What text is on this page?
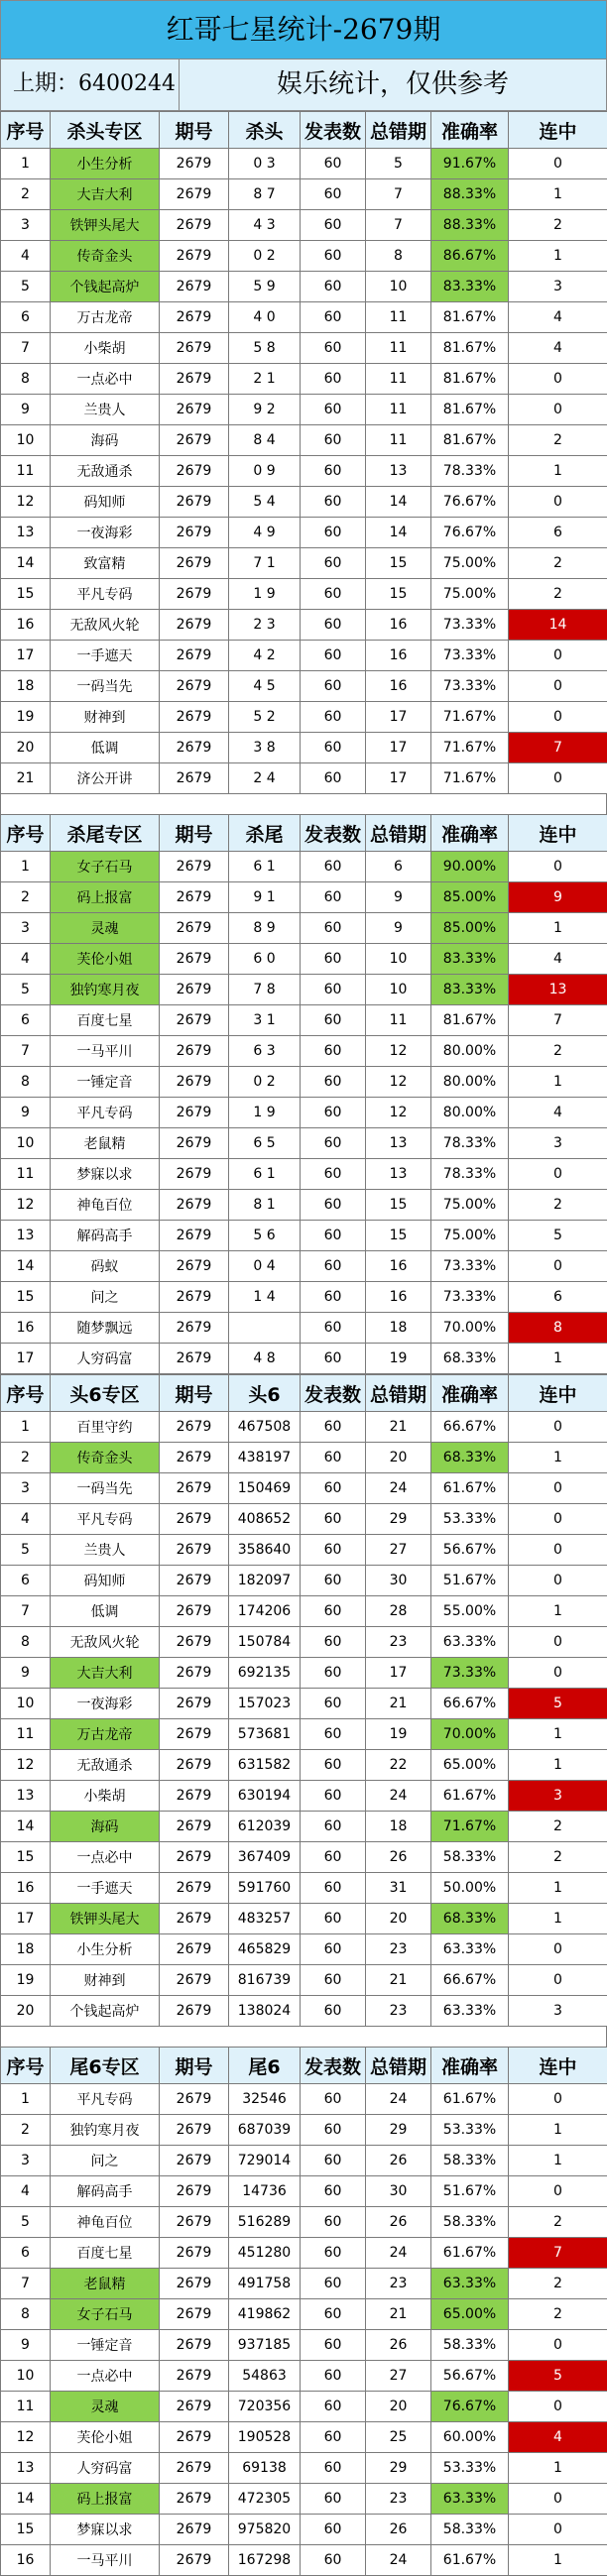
红哥七星统计-2679期
上期：6400244	娱乐统计，仅供参考
序号	杀头专区	期号	杀头	发表数	总错期	准确率	连中
1	小生分析	2679	0 3	60	5	91.67%	0
2	大吉大利	2679	8 7	60	7	88.33%	1
3	铁钾头尾大	2679	4 3	60	7	88.33%	2
4	传奇金头	2679	0 2	60	8	86.67%	1
5	个钱起高炉	2679	5 9	60	10	83.33%	3
6	万古龙帝	2679	4 0	60	11	81.67%	4
7	小柴胡	2679	5 8	60	11	81.67%	4
8	一点必中	2679	2 1	60	11	81.67%	0
9	兰贵人	2679	9 2	60	11	81.67%	0
10	海码	2679	8 4	60	11	81.67%	2
11	无敌通杀	2679	0 9	60	13	78.33%	1
12	码知师	2679	5 4	60	14	76.67%	0
13	一夜海彩	2679	4 9	60	14	76.67%	6
14	致富精	2679	7 1	60	15	75.00%	2
15	平凡专码	2679	1 9	60	15	75.00%	2
16	无敌风火轮	2679	2 3	60	16	73.33%	14
17	一手遮天	2679	4 2	60	16	73.33%	0
18	一码当先	2679	4 5	60	16	73.33%	0
19	财神到	2679	5 2	60	17	71.67%	0
20	低调	2679	3 8	60	17	71.67%	7
21	济公开讲	2679	2 4	60	17	71.67%	0
序号	杀尾专区	期号	杀尾	发表数	总错期	准确率	连中
1	女子石马	2679	6 1	60	6	90.00%	0
2	码上报富	2679	9 1	60	9	85.00%	9
3	灵魂	2679	8 9	60	9	85.00%	1
4	芙伦小姐	2679	6 0	60	10	83.33%	4
5	独钓寒月夜	2679	7 8	60	10	83.33%	13
6	百度七星	2679	3 1	60	11	81.67%	7
7	一马平川	2679	6 3	60	12	80.00%	2
8	一锤定音	2679	0 2	60	12	80.00%	1
9	平凡专码	2679	1 9	60	12	80.00%	4
10	老鼠精	2679	6 5	60	13	78.33%	3
11	梦寐以求	2679	6 1	60	13	78.33%	0
12	神龟百位	2679	8 1	60	15	75.00%	2
13	解码高手	2679	5 6	60	15	75.00%	5
14	码蚁	2679	0 4	60	16	73.33%	0
15	问之	2679	1 4	60	16	73.33%	6
16	随梦飘远	2679		60	18	70.00%	8
17	人穷码富	2679	4 8	60	19	68.33%	1
序号	头6专区	期号	头6	发表数	总错期	准确率	连中
1	百里守约	2679	467508	60	21	66.67%	0
2	传奇金头	2679	438197	60	20	68.33%	1
3	一码当先	2679	150469	60	24	61.67%	0
4	平凡专码	2679	408652	60	29	53.33%	0
5	兰贵人	2679	358640	60	27	56.67%	0
6	码知师	2679	182097	60	30	51.67%	0
7	低调	2679	174206	60	28	55.00%	1
8	无敌风火轮	2679	150784	60	23	63.33%	0
9	大吉大利	2679	692135	60	17	73.33%	0
10	一夜海彩	2679	157023	60	21	66.67%	5
11	万古龙帝	2679	573681	60	19	70.00%	1
12	无敌通杀	2679	631582	60	22	65.00%	1
13	小柴胡	2679	630194	60	24	61.67%	3
14	海码	2679	612039	60	18	71.67%	2
15	一点必中	2679	367409	60	26	58.33%	2
16	一手遮天	2679	591760	60	31	50.00%	1
17	铁钾头尾大	2679	483257	60	20	68.33%	1
18	小生分析	2679	465829	60	23	63.33%	0
19	财神到	2679	816739	60	21	66.67%	0
20	个钱起高炉	2679	138024	60	23	63.33%	3
序号	尾6专区	期号	尾6	发表数	总错期	准确率	连中
1	平凡专码	2679	32546	60	24	61.67%	0
2	独钓寒月夜	2679	687039	60	29	53.33%	1
3	问之	2679	729014	60	26	58.33%	1
4	解码高手	2679	14736	60	30	51.67%	0
5	神龟百位	2679	516289	60	26	58.33%	2
6	百度七星	2679	451280	60	24	61.67%	7
7	老鼠精	2679	491758	60	23	63.33%	2
8	女子石马	2679	419862	60	21	65.00%	2
9	一锤定音	2679	937185	60	26	58.33%	0
10	一点必中	2679	54863	60	27	56.67%	5
11	灵魂	2679	720356	60	20	76.67%	0
12	芙伦小姐	2679	190528	60	25	60.00%	4
13	人穷码富	2679	69138	60	29	53.33%	1
14	码上报富	2679	472305	60	23	63.33%	0
15	梦寐以求	2679	975820	60	26	58.33%	0
16	一马平川	2679	167298	60	24	61.67%	1
